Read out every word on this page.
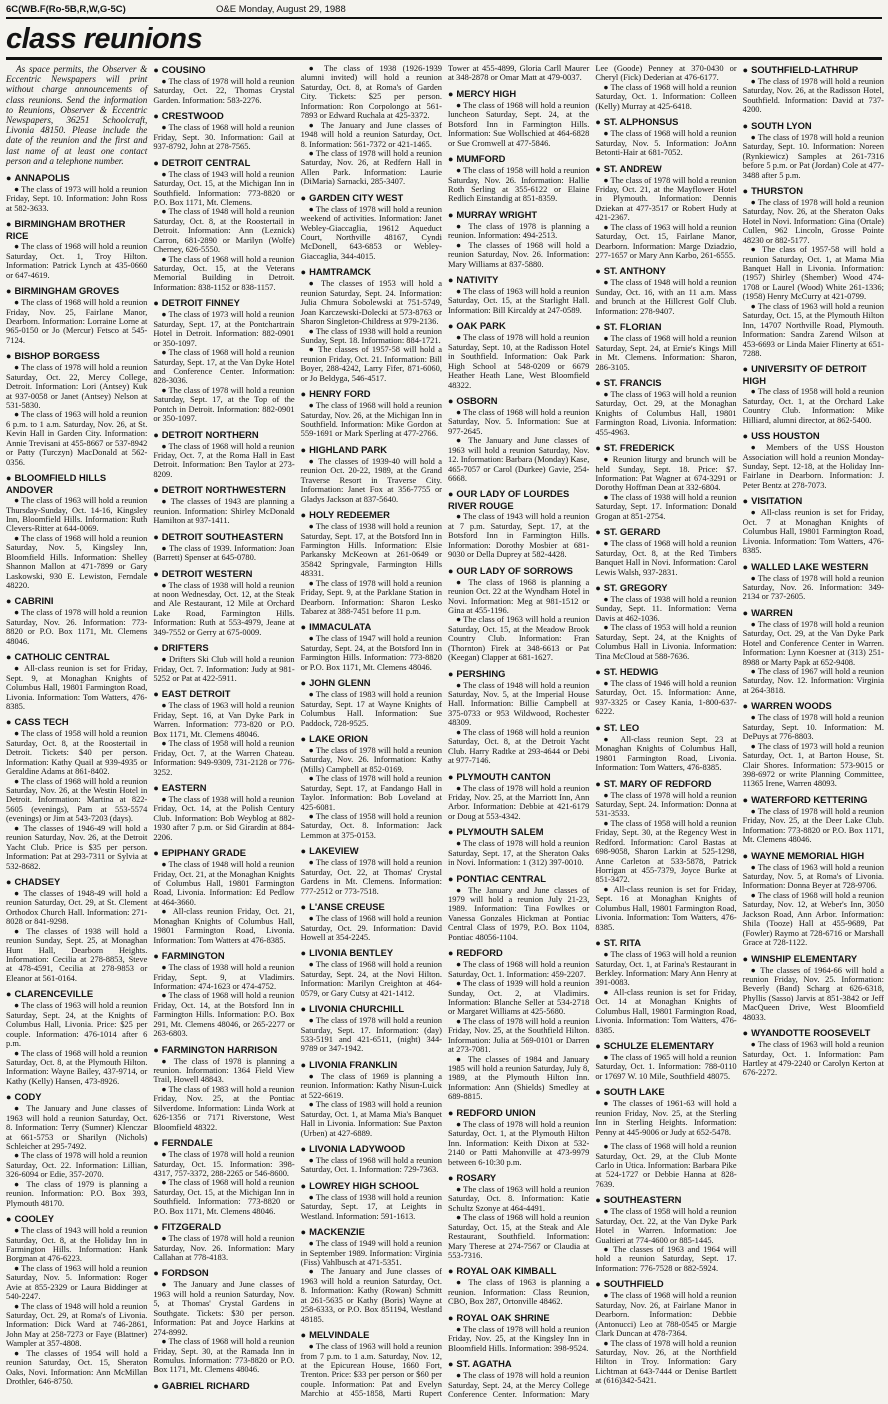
6C(WB.F(Ro-5B,R,W,G-5C)	O&E Monday, August 29, 1988
class reunions

As space permits, the Observer & Eccentric Newspapers will print without charge announcements of class reunions. Send the information to Reunions, Observer & Eccentric Newspapers, 36251 Schoolcraft, Livonia 48150. Please include the date of the reunion and the first and last name of at least one contact person and a telephone number.

● ANNAPOLIS

● The class of 1973 will hold a reunion Friday, Sept. 10. Information: John Ross at 582-3633.

● BIRMINGHAM BROTHER RICE

● The class of 1968 will hold a reunion Saturday, Oct. 1, Troy Hilton. Information: Patrick Lynch at 435-0660 or 647-4619.

● BIRMINGHAM GROVES

● The class of 1968 will hold a reunion Friday, Nov. 25, Fairlane Manor, Dearborn. Information: Lorraine Lorne at 965-0150 or Jo (Mercur) Fetsco at 545-7124.

● BISHOP BORGESS

● The class of 1978 will hold a reunion Saturday, Oct. 22, Mercy College, Detroit. Information: Lori (Antsey) Kuk at 937-0058 or Janet (Antsey) Nelson at 531-5830.

● The class of 1963 will hold a reunion 6 p.m. to 1 a.m. Saturday, Nov. 26, at St. Kevin Hall in Garden City. Information: Annie Trevisani at 455-8667 or 537-8942 or Patty (Turczyn) MacDonald at 562-0356.

● BLOOMFIELD HILLS ANDOVER

● The class of 1963 will hold a reunion Thursday-Sunday, Oct. 14-16, Kingsley Inn, Bloomfield Hills. Information: Ruth Clevers-Ritter at 644-0069.

● The class of 1968 will hold a reunion Saturday, Nov. 5, Kingsley Inn, Bloomfield Hills. Information: Shelley Shannon Mallon at 471-7899 or Gary Laskowski, 930 E. Lewiston, Ferndale 48220.

● CABRINI

● The class of 1978 will hold a reunion Saturday, Nov. 26. Information: 773-8820 or P.O. Box 1171, Mt. Clemens 48046.

● CATHOLIC CENTRAL

● All-class reunion is set for Friday, Sept. 9, at Monaghan Knights of Columbus Hall, 19801 Farmington Road, Livonia. Information: Tom Watters, 476-8385.

● CASS TECH

● The class of 1958 will hold a reunion Saturday, Oct. 8, at the Roostertail in Detroit. Tickets: $40 per person. Information: Kathy Quail at 939-4935 or Geraldine Adams at 861-8402.

● The class of 1968 will hold a reunion Saturday, Nov. 26, at the Westin Hotel in Detroit. Information: Martina at 822-5605 (evenings), Pam at 553-5574 (evenings) or Jim at 543-7203 (days).

● The classes of 1946-49 will hold a reunion Saturday, Nov. 26, at the Detroit Yacht Club. Price is $35 per person. Information: Pat at 293-7311 or Sylvia at 532-8682.

● CHADSEY

● The classes of 1948-49 will hold a reunion Saturday, Oct. 29, at St. Clement Orthodox Church Hall. Information: 271-8028 or 841-9298.

● The classes of 1938 will hold a reunion Sunday, Sept. 25, at Monaghan Hunt Hall, Dearborn Heights. Information: Cecilia at 278-8853, Steve at 478-4591, Cecilia at 278-9853 or Eleanor at 561-0164.

● CLARENCEVILLE

● The class of 1963 will hold a reunion Saturday, Sept. 24, at the Knights of Columbus Hall, Livonia. Price: $25 per couple. Information: 476-1014 after 6 p.m.

● The class of 1968 will hold a reunion Saturday, Oct. 8, at the Plymouth Hilton. Information: Wayne Bailey, 437-9714, or Kathy (Kelly) Hansen, 473-8926.

● CODY

● The January and June classes of 1963 will hold a reunion Saturday, Oct. 8. Information: Terry (Sumner) Klenczar at 661-5753 or Sharilyn (Nichols) Schleicher at 295-7492.

● The class of 1978 will hold a reunion Saturday, Oct. 22. Information: Lillian, 326-6094 or Edie, 357-2070.

● The class of 1979 is planning a reunion. Information: P.O. Box 393, Plymouth 48170.

● COOLEY

● The class of 1943 will hold a reunion Saturday, Oct. 8, at the Holiday Inn in Farmington Hills. Information: Hank Borgman at 476-6223.

● The class of 1963 will hold a reunion Saturday, Nov. 5. Information: Roger Avie at 855-2329 or Laura Biddinger at 540-2247.

● The class of 1948 will hold a reunion Saturday, Oct. 29, at Roma's of Livonia. Information: Dick Ward at 746-2861, John May at 258-7273 or Faye (Blattner) Wampler at 357-4808.

● The classes of 1954 will hold a reunion Saturday, Oct. 15, Sheraton Oaks, Novi. Information: Ann McMillan Drothler, 646-8750.

● COUSINO

● The class of 1978 will hold a reunion Saturday, Oct. 22, Thomas Crystal Garden. Information: 583-2276.

● CRESTWOOD

● The class of 1968 will hold a reunion Friday, Sept. 30. Information: Gail at 937-8792, John at 278-7565.

● DETROIT CENTRAL

● The class of 1943 will hold a reunion Saturday, Oct. 15, at the Michigan Inn in Southfield. Information: 773-8820 or P.O. Box 1171, Mt. Clemens.

● The class of 1948 will hold a reunion Saturday, Oct. 8, at the Roostertail in Detroit. Information: Ann (Leznick) Carron, 681-2890 or Marilyn (Wolfe) Cherney, 626-5550.

● The class of 1968 will hold a reunion Saturday, Oct. 15, at the Veterans Memorial Building in Detroit. Information: 838-1152 or 838-1157.

● DETROIT FINNEY

● The class of 1973 will hold a reunion Saturday, Sept. 17, at the Pontchartrain Hotel in Detroit. Information: 882-0901 or 350-1097.

● The class of 1968 will hold a reunion Saturday, Sept. 17, at the Van Dyke Hotel and Conference Center. Information: 828-3036.

● The class of 1978 will hold a reunion Saturday, Sept. 17, at the Top of the Pontch in Detroit. Information: 882-0901 or 350-1097.

● DETROIT NORTHERN

● The class of 1968 will hold a reunion Friday, Oct. 7, at the Roma Hall in East Detroit. Information: Ben Taylor at 273-8209.

● DETROIT NORTHWESTERN

● The classes of 1943 are planning a reunion. Information: Shirley McDonald Hamilton at 937-1411.

● DETROIT SOUTHEASTERN

● The class of 1939. Information: Joan (Barrett) Spenser at 645-0780.

● DETROIT WESTERN

● The class of 1938 will hold a reunion at noon Wednesday, Oct. 12, at the Steak and Ale Restaurant, 12 Mile at Orchard Lake Road, Farmington Hills. Information: Ruth at 553-4979, Jeane at 349-7552 or Gerry at 675-0009.

● DRIFTERS

● Drifters Ski Club will hold a reunion Friday, Oct. 7. Information: Judy at 981-5252 or Pat at 422-5911.

● EAST DETROIT

● The class of 1963 will hold a reunion Friday, Sept. 16, at Van Dyke Park in Warren. Information: 773-820 or P.O. Box 1171, Mt. Clemens 48046.

● The class of 1958 will hold a reunion Friday, Oct. 7, at the Warren Chateau. Information: 949-9309, 731-2128 or 776-3252.

● EASTERN

● The class of 1938 will hold a reunion Friday, Oct. 14, at the Polish Century Club. Information: Bob Weyblog at 882-1930 after 7 p.m. or Sid Girardin at 884-2206.

● EPIPHANY GRADE

● The class of 1948 will hold a reunion Friday, Oct. 21, at the Monaghan Knights of Columbus Hall, 19801 Farmington Road, Livonia. Information: Ed Pedlow at 464-3660.

● All-class reunion Friday, Oct. 21, Monaghan Knights of Columbus Hall, 19801 Farmington Road, Livonia. Information: Tom Watters at 476-8385.

● FARMINGTON

● The class of 1938 will hold a reunion Friday, Sept. 9, at Vladimirs. Information: 474-1623 or 474-4752.

● The class of 1968 will hold a reunion Friday, Oct. 14, at the Botsford Inn in Farmington Hills. Information: P.O. Box 291, Mt. Clemens 48046, or 265-2277 or 263-6803.

● FARMINGTON HARRISON

● The class of 1978 is planning a reunion. Information: 1364 Field View Trail, Howell 48843.

● The class of 1983 will hold a reunion Friday, Nov. 25, at the Pontiac Silverdome. Information: Linda Work at 626-1356 or 7171 Riverstone, West Bloomfield 48322.

● FERNDALE

● The class of 1978 will hold a reunion Saturday, Oct. 15. Information: 398-4317, 757-3372, 288-2265 or 546-8600.

● The class of 1968 will hold a reunion Saturday, Oct. 15, at the Michigan Inn in Southfield. Information: 773-8820 or P.O. Box 1171, Mt. Clemens 48046.

● FITZGERALD

● The class of 1978 will hold a reunion Saturday, Nov. 26. Information: Mary Callahan at 778-4183.

● FORDSON

● The January and June classes of 1963 will hold a reunion Saturday, Nov. 5, at Thomas' Crystal Gardens in Southgate. Tickets: $30 per person. Information: Pat and Joyce Harkins at 274-8992.

● The class of 1968 will hold a reunion Friday, Sept. 30, at the Ramada Inn in Romulus. Information: 773-8820 or P.O. Box 1171, Mt. Clemens 48046.

● GABRIEL RICHARD

● The class of 1938 (1926-1939 alumni invited) will hold a reunion Saturday, Oct. 8, at Roma's of Garden City. Tickets: $25 per person. Information: Ron Corpolongo at 561-7893 or Edward Ruchala at 425-3372.

● The January and June classes of 1948 will hold a reunion Saturday, Oct. 8. Information: 561-7372 or 421-1465.

● The class of 1978 will hold a reunion Saturday, Nov. 26, at Redfern Hall in Allen Park. Information: Laurie (DiMaria) Sarnacki, 285-3407.

● GARDEN CITY WEST

● The class of 1978 will hold a reunion weekend of activities. Information: Janet Webley-Giaccaglia, 19612 Aqueduct Court, Northville 48167, Cyndi McDonell, 643-6853 or Webley-Giaccaglia, 344-4015.

● HAMTRAMCK

● The classes of 1953 will hold a reunion Saturday, Sept. 24. Information: Julia Chmura Sobolewski at 751-5749, Joan Karczewski-Dolecki at 573-8763 or Sharon Singleton-Childress at 979-2136.

● The class of 1938 will hold a reunion Sunday, Sept. 18. Information: 884-1721.

● The classes of 1957-58 will hold a reunion Friday, Oct. 21. Information: Bill Boyer, 288-4242, Larry Fifer, 871-6060, or Jo Beldyga, 546-4517.

● HENRY FORD

● The class of 1968 will hold a reunion Saturday, Nov. 26, at the Michigan Inn in Southfield. Information: Mike Gordon at 559-1691 or Mark Sperling at 477-2766.

● HIGHLAND PARK

● The classes of 1939-40 will hold a reunion Oct. 20-22, 1989, at the Grand Traverse Resort in Traverse City. Information: Janet Fox at 356-7755 or Gladys Jackson at 837-5640.

● HOLY REDEEMER

● The class of 1938 will hold a reunion Saturday, Sept. 17, at the Botsford Inn in Farmington Hills. Information: Elsie Parkansky McKeown at 261-0649 or 35842 Springvale, Farmington Hills 48331.

● The class of 1978 will hold a reunion Friday, Sept. 9, at the Parklane Station in Dearborn. Information: Sharon Lesko Tabarez at 388-7451 before 11 p.m.

● IMMACULATA

● The class of 1947 will hold a reunion Saturday, Sept. 24, at the Botsford Inn in Farmington Hills. Information: 773-8820 or P.O. Box 1171, Mt. Clemens 48046.

● JOHN GLENN

● The class of 1983 will hold a reunion Saturday, Sept. 17 at Wayne Knights of Columbus Hall. Information: Sue Paddock, 728-9525.

● LAKE ORION

● The class of 1978 will hold a reunion Saturday, Nov. 26. Information: Kathy (Mills) Campbell at 852-0169.

● The class of 1978 will hold a reunion Saturday, Sept. 17, at Fandango Hall in Taylor. Information: Bob Loveland at 425-6081.

● The class of 1958 will hold a reunion Saturday, Oct. 8. Information: Jack Lemmon at 375-0153.

● LAKEVIEW

● The class of 1978 will hold a reunion Saturday, Oct. 22, at Thomas' Crystal Gardens in Mt. Clemens. Information: 777-2512 or 773-7518.

● L'ANSE CREUSE

● The class of 1968 will hold a reunion Saturday, Oct. 29. Information: David Howell at 354-2245.

● LIVONIA BENTLEY

● The class of 1968 will hold a reunion Saturday, Sept. 24, at the Novi Hilton. Information: Marilyn Creighton at 464-0579, or Gary Cutsy at 421-1412.

● LIVONIA CHURCHILL

● The class of 1978 will hold a reunion Saturday, Sept. 17. Information: (day) 533-5191 and 421-6511, (night) 344-9789 or 347-1942.

● LIVONIA FRANKLIN

● The class of 1969 is planning a reunion. Information: Kathy Nisun-Luick at 522-6619.

● The class of 1983 will hold a reunion Saturday, Oct. 1, at Mama Mia's Banquet Hall in Livonia. Information: Sue Paxton (Urben) at 427-6889.

● LIVONIA LADYWOOD

● The class of 1968 will hold a reunion Saturday, Oct. 1. Information: 729-7363.

● LOWREY HIGH SCHOOL

● The class of 1938 will hold a reunion Saturday, Sept. 17, at Leights in Westland. Information: 591-1613.

● MACKENZIE

● The class of 1949 will hold a reunion in September 1989. Information: Virginia (Fiss) Vahlbusch at 471-5351.

● The January and June classes of 1963 will hold a reunion Saturday, Oct. 8. Information: Kathy (Rowan) Schmitt at 261-5635 or Kathy (Boris) Wayne at 258-6333, or P.O. Box 851194, Westland 48185.

● MELVINDALE

● The class of 1963 will hold a reunion from 7 p.m. to 1 a.m. Saturday, Nov. 12, at the Epicurean House, 1660 Fort, Trenton. Price: $33 per person or $60 per couple. Information: Pat and Evelyn Marchio at 455-1858, Marti Rupert Tower at 455-4899, Gloria Carll Maurer at 348-2878 or Omar Matt at 479-0037.

● MERCY HIGH

● The class of 1968 will hold a reunion luncheon Saturday, Sept. 24, at the Botsford Inn in Farmington Hills. Information: Sue Wollschied at 464-6828 or Sue Cromwell at 477-5846.

● MUMFORD

● The class of 1958 will hold a reunion Saturday, Nov. 26. Information: Hallie Roth Serling at 355-6122 or Elaine Redlich Einstandig at 851-8359.

● MURRAY WRIGHT

● The class of 1978 is planning a reunion. Information: 494-2513.

● The classes of 1968 will hold a reunion Saturday, Nov. 26. Information: Mary Williams at 837-5880.

● NATIVITY

● The class of 1963 will hold a reunion Saturday, Oct. 15, at the Starlight Hall. Information: Bill Kircaldy at 247-0589.

● OAK PARK

● The class of 1978 will hold a reunion Saturday, Sept. 10, at the Radisson Hotel in Southfield. Information: Oak Park High School at 548-0209 or 6679 Heather Heath Lane, West Bloomfield 48322.

● OSBORN

● The class of 1968 will hold a reunion Saturday, Nov. 5. Information: Sue at 977-2645.

● The January and June classes of 1963 will hold a reunion Saturday, Nov. 12. Information: Barbara (Monday) Kase, 465-7057 or Carol (Durkee) Gavie, 254-6668.

● OUR LADY OF LOURDES RIVER ROUGE

● The class of 1943 will hold a reunion at 7 p.m. Saturday, Sept. 17, at the Botsford Inn in Farmington Hills. Information: Dorothy Mosbier at 681-9030 or Della Duprey at 582-4428.

● OUR LADY OF SORROWS

● The class of 1968 is planning a reunion Oct. 22 at the Wyndham Hotel in Novi. Information: Meg at 981-1512 or Gina at 455-1196.

● The class of 1963 will hold a reunion Saturday, Oct. 15, at the Meadow Brook Country Club. Information: Fran (Thornton) Firek at 348-6613 or Pat (Keegan) Clapper at 681-1627.

● PERSHING

● The class of 1948 will hold a reunion Saturday, Nov. 5, at the Imperial House Hall. Information: Billie Campbell at 375-0733 or 953 Wildwood, Rochester 48309.

● The class of 1968 will hold a reunion Saturday, Oct. 8, at the Detroit Yacht Club. Harry Radtke at 293-4644 or Debi at 977-7146.

● PLYMOUTH CANTON

● The class of 1978 will hold a reunion Friday, Nov. 25, at the Marriott Inn, Ann Arbor. Information: Debbie at 421-6179 or Doug at 553-4342.

● PLYMOUTH SALEM

● The class of 1978 will hold a reunion Saturday, Sept. 17, at the Sheraton Oaks in Novi. Information: 1 (312) 397-0010.

● PONTIAC CENTRAL

● The January and June classes of 1979 will hold a reunion July 21-23, 1989. Information: Tina Fowlkes or Vanessa Gonzales Hickman at Pontiac Central Class of 1979, P.O. Box 1104, Pontiac 48056-1104.

● REDFORD

● The class of 1968 will hold a reunion Saturday, Oct. 1. Information: 459-2207.

● The class of 1939 will hold a reunion Sunday, Oct. 2, at Vladimirs. Information: Blanche Seller at 534-2718 or Margaret Williams at 425-5680.

● The class of 1978 will hold a reunion Friday, Nov. 25, at the Southfield Hilton. Information: Julia at 569-0101 or Darren at 273-7081.

● The classes of 1984 and January 1985 will hold a reunion Saturday, July 8, 1989, at the Plymouth Hilton Inn. Information: Ann (Shields) Smedley at 689-8815.

● REDFORD UNION

● The class of 1978 will hold a reunion Saturday, Oct. 1, at the Plymouth Hilton Inn. Information: Keith Dixon at 532-2140 or Patti Mahonville at 473-9979 between 6-10:30 p.m.

● ROSARY

● The class of 1963 will hold a reunion Saturday, Oct. 8. Information: Katie Schultz Szonye at 464-4491.

● The class of 1968 will hold a reunion Saturday, Oct. 15, at the Steak and Ale Restaurant, Southfield. Information: Mary Therese at 274-7567 or Claudia at 553-7316.

● ROYAL OAK KIMBALL

● The class of 1963 is planning a reunion. Information: Class Reunion, CBO, Box 287, Ortonville 48462.

● ROYAL OAK SHRINE

● The class of 1978 will hold a reunion Friday, Nov. 25, at the Kingsley Inn in Bloomfield Hills. Information: 398-9524.

● ST. AGATHA

● The class of 1978 will hold a reunion Saturday, Sept. 24, at the Mercy College Conference Center. Information: Mary Lee (Goode) Penney at 370-0430 or Cheryl (Fick) Dederian at 476-6177.

● The class of 1968 will hold a reunion Saturday, Oct. 1. Information: Colleen (Kelly) Murray at 425-6418.

● ST. ALPHONSUS

● The class of 1968 will hold a reunion Saturday, Nov. 5. Information: JoAnn Betonti-Hair at 681-7052.

● ST. ANDREW

● The class of 1978 will hold a reunion Friday, Oct. 21, at the Mayflower Hotel in Plymouth. Information: Dennis Dziekan at 477-3517 or Robert Hudy at 421-2367.

● The class of 1963 will hold a reunion Saturday, Oct. 15, Fairlane Manor, Dearborn. Information: Marge Dziadzio, 277-1657 or Mary Ann Karbo, 261-6555.

● ST. ANTHONY

● The class of 1948 will hold a reunion Sunday, Oct. 16, with an 11 a.m. Mass and brunch at the Hillcrest Golf Club. Information: 278-9407.

● ST. FLORIAN

● The class of 1968 will hold a reunion Saturday, Sept. 24, at Ernie's Kings Mill in Mt. Clemens. Information: Sharon, 286-3105.

● ST. FRANCIS

● The class of 1963 will hold a reunion Saturday, Oct. 29, at the Monaghan Knights of Columbus Hall, 19801 Farmington Road, Livonia. Information: 455-4963.

● ST. FREDERICK

● Reunion liturgy and brunch will be held Sunday, Sept. 18. Price: $7. Information: Pat Wagner at 674-3291 or Dorothy Hoffman Dean at 332-6804.

● The class of 1938 will hold a reunion Saturday, Sept. 17. Information: Donald Grogan at 851-2754.

● ST. GERARD

● The class of 1968 will hold a reunion Saturday, Oct. 8, at the Red Timbers Banquet Hall in Novi. Information: Carol Lewis Walsh, 937-2831.

● ST. GREGORY

● The class of 1938 will hold a reunion Sunday, Sept. 11. Information: Verna Davis at 462-1036.

● The class of 1953 will hold a reunion Saturday, Sept. 24, at the Knights of Columbus Hall in Livonia. Information: Tina McCloud at 588-7636.

● ST. HEDWIG

● The class of 1946 will hold a reunion Saturday, Oct. 15. Information: Anne, 937-3325 or Casey Kania, 1-800-637-6222.

● ST. LEO

● All-class reunion Sept. 23 at Monaghan Knights of Columbus Hall, 19801 Farmington Road, Livonia. Information: Tom Watters, 476-8385.

● ST. MARY OF REDFORD

● The class of 1978 will hold a reunion Saturday, Sept. 24. Information: Donna at 531-3533.

● The class of 1958 will hold a reunion Friday, Sept. 30, at the Regency West in Redford. Information: Carol Bastas at 698-9058, Sharon Larkin at 525-1298, Anne Carleton at 533-5878, Patrick Horrigan at 455-7379, Joyce Burke at 851-3472.

● All-class reunion is set for Friday, Sept. 16 at Monaghan Knights of Columbus Hall, 19801 Farmington Road, Livonia. Information: Tom Watters, 476-8385.

● ST. RITA

● The class of 1963 will hold a reunion Saturday, Oct. 1, at Farina's Restaurant in Berkley. Information: Mary Ann Henry at 391-0083.

● All-class reunion is set for Friday, Oct. 14 at Monaghan Knights of Columbus Hall, 19801 Farmington Road, Livonia. Information: Tom Watters, 476-8385.

● SCHULZE ELEMENTARY

● The class of 1965 will hold a reunion Saturday, Oct. 1. Information: 788-0110 or 17697 W. 10 Mile, Southfield 48075.

● SOUTH LAKE

● The classes of 1961-63 will hold a reunion Friday, Nov. 25, at the Sterling Inn in Sterling Heights. Information: Penny at 445-9006 or Judy at 652-5478.

● The class of 1968 will hold a reunion Saturday, Oct. 29, at the Club Monte Carlo in Utica. Information: Barbara Pike at 524-1727 or Debbie Hanna at 828-7639.

● SOUTHEASTERN

● The class of 1958 will hold a reunion Saturday, Oct. 22, at the Van Dyke Park Hotel in Warren. Information: Joe Gualtieri at 774-4600 or 885-1445.

● The classes of 1963 and 1964 will hold a reunion Saturday, Sept. 17. Information: 776-7528 or 882-5924.

● SOUTHFIELD

● The class of 1968 will hold a reunion Saturday, Nov. 26, at Fairlane Manor in Dearborn. Information: Debbie (Antonucci) Leo at 788-0545 or Margie Clark Duncan at 478-7364.

● The class of 1978 will hold a reunion Saturday, Nov. 26, at the Northfield Hilton in Troy. Information: Gary Lichtman at 643-7444 or Denise Bartlett at (616)342-5421.

● SOUTHFIELD-LATHRUP

● The class of 1978 will hold a reunion Saturday, Nov. 26, at the Radisson Hotel, Southfield. Information: David at 737-4200.

● SOUTH LYON

● The class of 1978 will hold a reunion Saturday, Sept. 10. Information: Noreen (Rynkiewicz) Samples at 261-7316 before 5 p.m. or Pat (Jordan) Cole at 477-3488 after 5 p.m.

● THURSTON

● The class of 1978 will hold a reunion Saturday, Nov. 26, at the Sheraton Oaks Hotel in Novi. Information: Gina (Ortale) Cullen, 962 Lincoln, Grosse Pointe 48230 or 882-5177.

● The class of 1957-58 will hold a reunion Saturday, Oct. 1, at Mama Mia Banquet Hall in Livonia. Information: (1957) Shirley (Shember) Wood 474-1708 or Laurel (Wood) White 261-1336; (1958) Henry McCurry at 421-0799.

● The class of 1963 will hold a reunion Saturday, Oct. 15, at the Plymouth Hilton Inn, 14707 Northville Road, Plymouth. Information: Sandra Zarend Wilson at 453-6693 or Linda Maier Flinerty at 651-7288.

● UNIVERSITY OF DETROIT HIGH

● The class of 1958 will hold a reunion Saturday, Oct. 1, at the Orchard Lake Country Club. Information: Mike Hilliard, alumni director, at 862-5400.

● USS HOUSTON

● Members of the USS Houston Association will hold a reunion Monday-Sunday, Sept. 12-18, at the Holiday Inn-Fairlane in Dearborn. Information: J. Peter Bentz at 278-7073.

● VISITATION

● All-class reunion is set for Friday, Oct. 7 at Monaghan Knights of Columbus Hall, 19801 Farmington Road, Livonia. Information: Tom Watters, 476-8385.

● WALLED LAKE WESTERN

● The class of 1978 will hold a reunion Saturday, Nov. 26. Information: 349-2134 or 737-2605.

● WARREN

● The class of 1978 will hold a reunion Saturday, Oct. 29, at the Van Dyke Park Hotel and Conference Center in Warren. Information: Lynn Koesner at (313) 251-8988 or Marty Papk at 652-9408.

● The class of 1967 will hold a reunion Saturday, Nov. 12. Information: Virginia at 264-3818.

● WARREN WOODS

● The class of 1978 will hold a reunion Saturday, Sept. 10. Information: M. DePuys at 776-8803.

● The class of 1973 will hold a reunion Saturday, Oct. 1, at Barton House, St. Clair Shores. Information: 573-9015 or 398-6972 or write Planning Committee, 11365 Irene, Warren 48093.

● WATERFORD KETTERING

● The class of 1978 will hold a reunion Friday, Nov. 25, at the Deer Lake Club. Information: 773-8820 or P.O. Box 1171, Mt. Clemens 48046.

● WAYNE MEMORIAL HIGH

● The class of 1963 will hold a reunion Saturday, Nov. 5, at Roma's of Livonia. Information: Donna Beyer at 728-9706.

● The class of 1968 will hold a reunion Saturday, Nov. 12, at Weber's Inn, 3050 Jackson Road, Ann Arbor. Information: Shila (Tooze) Hall at 455-9689, Pat (Fowler) Raymo at 728-6716 or Marshall Grace at 728-1122.

● WINSHIP ELEMENTARY

● The classes of 1964-66 will hold a reunion Friday, Nov. 25. Information: Beverly (Band) Scharg at 626-6318, Phyllis (Sasso) Jarvis at 851-3842 or Jeff MacQueen Drive, West Bloomfield 48033.

● WYANDOTTE ROOSEVELT

● The class of 1963 will hold a reunion Saturday, Oct. 1. Information: Pam Hartley at 479-2240 or Carolyn Kerton at 676-2272.
